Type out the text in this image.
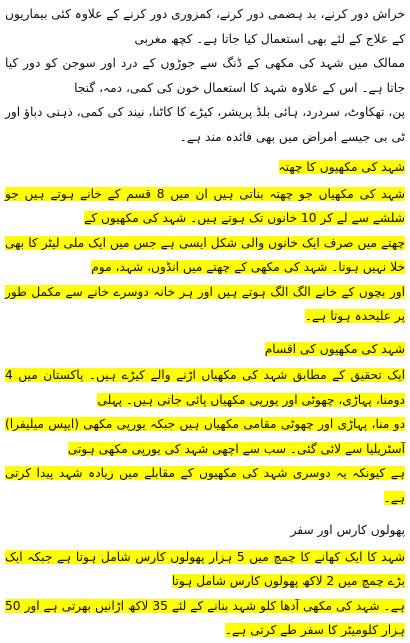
خراش دور کرنے، بد ہضمی دور کرنے، کمزوری دور کرنے کے علاوہ کئی بیماریوں کے علاج کے لئے بھی استعمال کیا جاتا ہے۔ کچھ مغربی
ممالک میں شہد کی مکھی کے ڈنگ سے جوڑوں کے درد اور سوجن کو دور کیا جاتا ہے۔ اس کے علاوہ شہد کا استعمال خون کی کمی، دمہ، گنجا
پن، تھکاوٹ، سردرد، ہائی بلڈ پریشر، کیڑے کا کاٹنا، نیند کی کمی، ذہنی دباؤ اور ٹی بی جیسے امراض میں بھی فائدہ مند ہے۔

شہد کی مکھیوں کا چھتہ

شہد کی مکھیاں جو چھتہ بناتی ہیں ان میں 8 قسم کے خانے ہوتے ہیں جو شلشے سے لے کر 10 خانوں تک ہوتے ہیں۔ شہد کی مکھیوں کے
چھتے میں صرف ایک خانوں والی شکل ایسی ہے جس میں ایک ملی لیٹر کا بھی خلا نہیں ہوتا۔ شہد کی مکھی کے چھتے میں انڈوں، شہد، موم
اور بچوں کے خانے الگ الگ ہوتے ہیں اور ہر خانہ دوسرے خانے سے مکمل طور پر علیحدہ ہوتا ہے۔

شہد کی مکھیوں کی اقسام

ایک تحقیق کے مطابق شہد کی مکھیاں اڑنے والے کیڑے ہیں۔ پاکستان میں 4 دومنا، پہاڑی، چھوٹی اور یورپی مکھیاں پائی جاتی ہیں۔ پہلی
دو منا، پہاڑی اور چھوٹی مقامی مکھیاں ہیں جبکہ یورپی مکھی (ایپس میلیفرا) آسٹریلیا سے لائی گئی۔ سب سے اچھی شہد کی یورپی مکھی ہوتی
ہے کیونکہ یہ دوسری شہد کی مکھیوں کے مقابلے میں زیادہ شہد پیدا کرتی ہے۔

پھولوں کارس اور سفر

شہد کا ایک کھانے کا چمچ میں 5 ہزار پھولوں کارس شامل ہوتا ہے جبکہ ایک بڑے چمچ میں 2 لاکھ پھولوں کارس شامل ہوتا
ہے۔ شہد کی مکھی آدھا کلو شہد بنانے کے لئے 35 لاکھ اڑانیں بھرتی ہے اور 50 ہزار کلومیٹر کا سفر طے کرتی ہے۔
